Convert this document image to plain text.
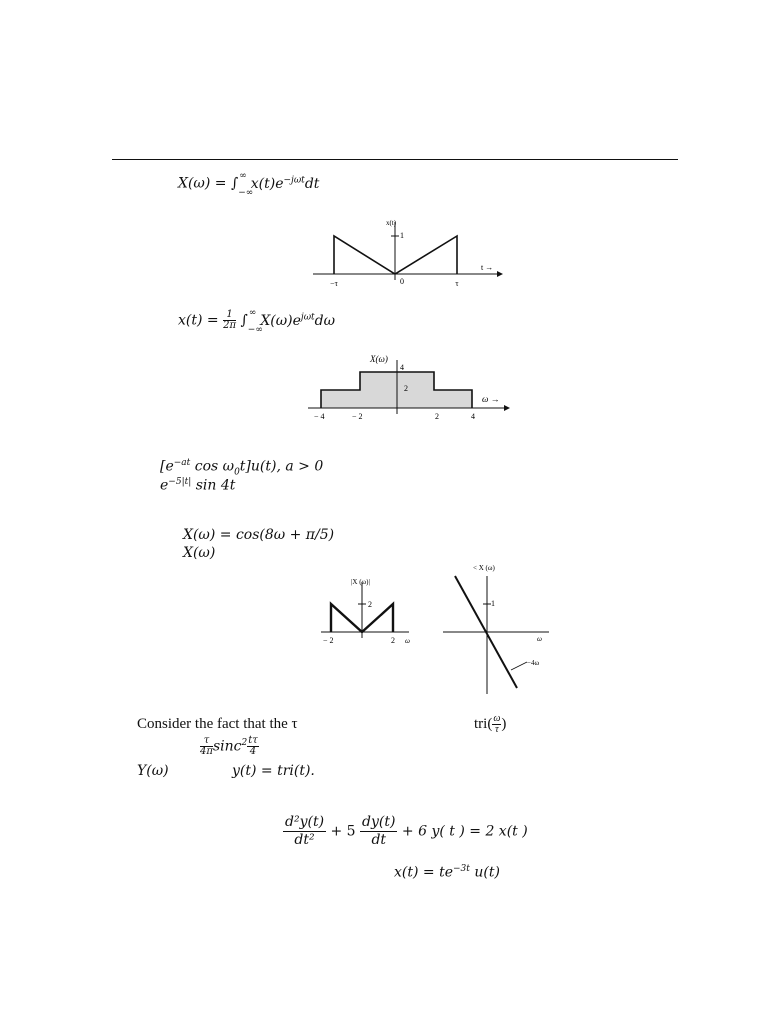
$X(\omega) = \int_{-\infty}^\infty$ $x(t)e^{-j\omega t}dt$
x(t)
1
0
−τ	τ
t →
$x(t) = \frac{1}{2\pi} \int_{-\infty}^\infty$ $X(\omega)e^{j\omega t}d\omega$
X(ω)
4
2
ω →
− 4	− 2	2	4
[$e^{-at}$ $\cos \omega_0t]u(t)$, a > 0
$e^{-5|t|}$ sin 4t
X(ω) = cos(8ω + π/5)
X(ω)
|X (ω)|
2
− 2	2 ω
< X (ω)
1
ω
−4ω
Consider the fact that the τ	$tri( \frac{\omega}{\tau}$ )
$\frac{\tau}{4\pi} \sin c^2 \frac{t\tau}{4}$
Y(ω)	y(t) = tri(t).
$\frac{\text{d²y(t)}}{\text{dt²}} + 5 \frac{dy(t)}{dt} + 6$ y( t ) = 2 x(t )
$x(t) = te^{-3t}$ u(t)
